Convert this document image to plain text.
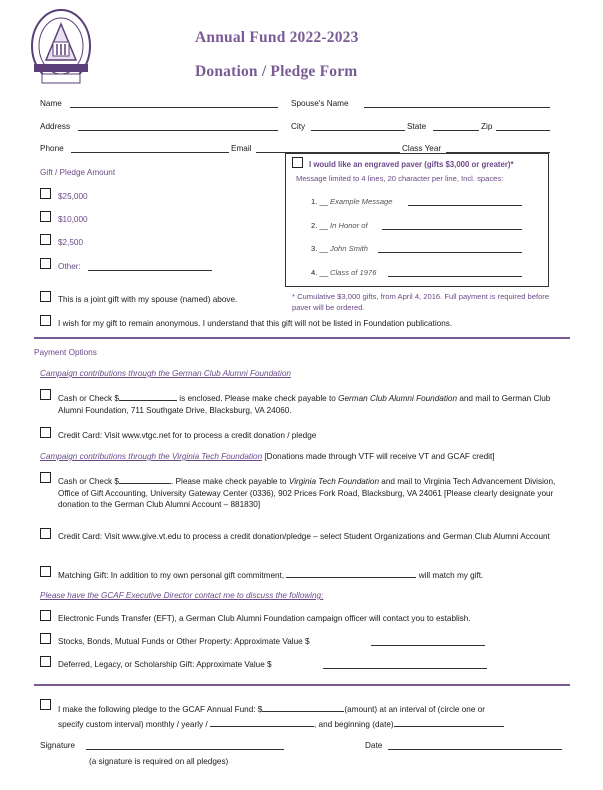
Annual Fund 2022-2023
Donation / Pledge Form
Name	Spouse's Name
Address	City	State	Zip
Phone	Email	Class Year
Gift / Pledge Amount
$25,000
$10,000
$2,500
Other:
I would like an engraved paver (gifts $3,000 or greater)*
Message limited to 4 lines, 20 character per line, Incl. spaces:
1. __ Example Message
2. __ In Honor of
3. __ John Smith
4. __ Class of 1976
* Cumulative $3,000 gifts, from April 4, 2016. Full payment is required before paver will be ordered.
This is a joint gift with my spouse (named) above.
I wish for my gift to remain anonymous. I understand that this gift will not be listed in Foundation publications.
Payment Options
Campaign contributions through the German Club Alumni Foundation
Cash or Check $	is enclosed. Please make check payable to German Club Alumni Foundation and mail to German Club Alumni Foundation, 711 Southgate Drive, Blacksburg, VA 24060.
Credit Card: Visit www.vtgc.net for to process a credit donation / pledge
Campaign contributions through the Virginia Tech Foundation [Donations made through VTF will receive VT and GCAF credit]
Cash or Check $	. Please make check payable to Virginia Tech Foundation and mail to Virginia Tech Advancement Division, Office of Gift Accounting, University Gateway Center (0336), 902 Prices Fork Road, Blacksburg, VA 24061 [Please clearly designate your donation to the German Club Alumni Account – 881830]
Credit Card: Visit www.give.vt.edu to process a credit donation/pledge – select Student Organizations and German Club Alumni Account
Matching Gift: In addition to my own personal gift commitment,	will match my gift.
Please have the GCAF Executive Director contact me to discuss the following:
Electronic Funds Transfer (EFT), a German Club Alumni Foundation campaign officer will contact you to establish.
Stocks, Bonds, Mutual Funds or Other Property: Approximate Value $
Deferred, Legacy, or Scholarship Gift: Approximate Value $
I make the following pledge to the GCAF Annual Fund: $	(amount) at an interval of (circle one or
specify custom interval) monthly / yearly /	, and beginning (date)
Signature	Date
(a signature is required on all pledges)
